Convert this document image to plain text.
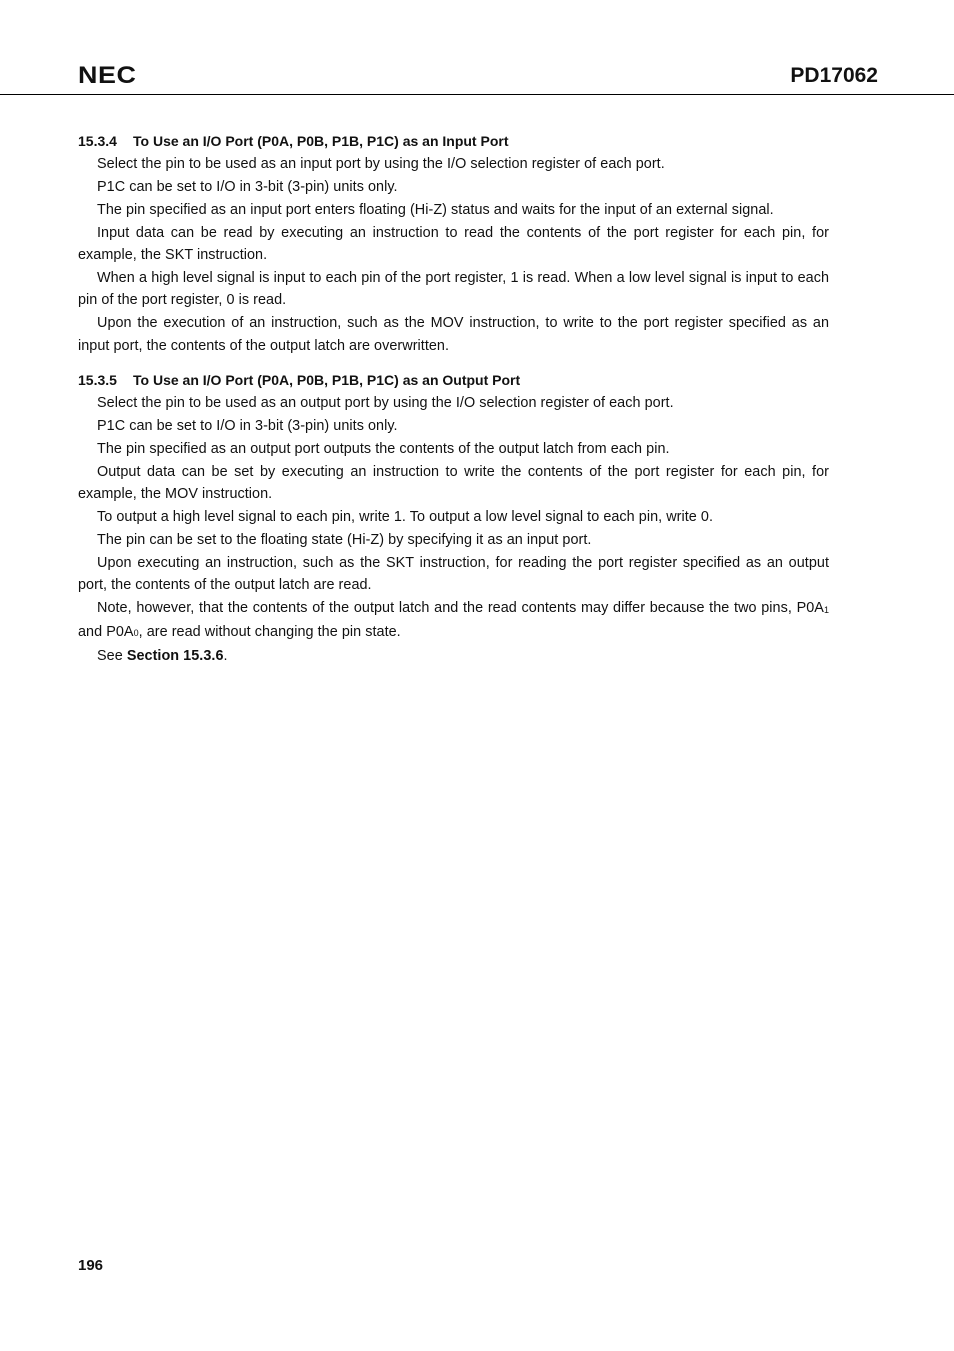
NEC	PD17062
15.3.4 To Use an I/O Port (P0A, P0B, P1B, P1C) as an Input Port

Select the pin to be used as an input port by using the I/O selection register of each port.

P1C can be set to I/O in 3-bit (3-pin) units only.

The pin specified as an input port enters floating (Hi-Z) status and waits for the input of an external signal.

Input data can be read by executing an instruction to read the contents of the port register for each pin, for example, the SKT instruction.

When a high level signal is input to each pin of the port register, 1 is read. When a low level signal is input to each pin of the port register, 0 is read.

Upon the execution of an instruction, such as the MOV instruction, to write to the port register specified as an input port, the contents of the output latch are overwritten.

15.3.5 To Use an I/O Port (P0A, P0B, P1B, P1C) as an Output Port

Select the pin to be used as an output port by using the I/O selection register of each port.

P1C can be set to I/O in 3-bit (3-pin) units only.

The pin specified as an output port outputs the contents of the output latch from each pin.

Output data can be set by executing an instruction to write the contents of the port register for each pin, for example, the MOV instruction.

To output a high level signal to each pin, write 1. To output a low level signal to each pin, write 0.

The pin can be set to the floating state (Hi-Z) by specifying it as an input port.

Upon executing an instruction, such as the SKT instruction, for reading the port register specified as an output port, the contents of the output latch are read.

Note, however, that the contents of the output latch and the read contents may differ because the two pins, $P0A_1$ and $P0A_0$, are read without changing the pin state.

See Section 15.3.6.

196
